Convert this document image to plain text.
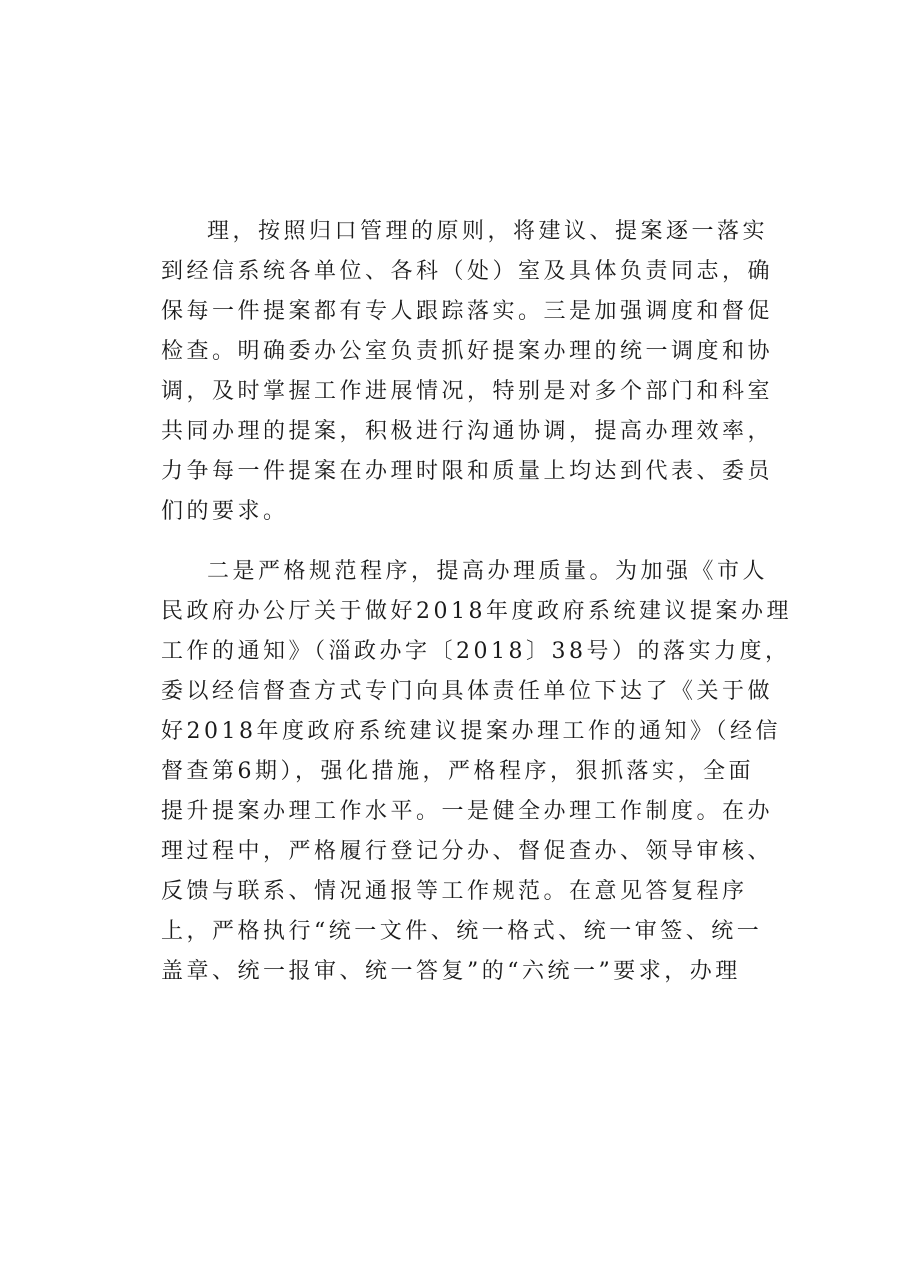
理，按照归口管理的原则，将建议、提案逐一落实
到经信系统各单位、各科（处）室及具体负责同志，确
保每一件提案都有专人跟踪落实。三是加强调度和督促
检查。明确委办公室负责抓好提案办理的统一调度和协
调，及时掌握工作进展情况，特别是对多个部门和科室
共同办理的提案，积极进行沟通协调，提高办理效率，
力争每一件提案在办理时限和质量上均达到代表、委员
们的要求。
二是严格规范程序，提高办理质量。为加强《市人
民政府办公厅关于做好2018年度政府系统建议提案办理
工作的通知》（淄政办字〔2018〕38号）的落实力度，
委以经信督查方式专门向具体责任单位下达了《关于做
好2018年度政府系统建议提案办理工作的通知》（经信
督查第6期），强化措施，严格程序，狠抓落实，全面
提升提案办理工作水平。一是健全办理工作制度。在办
理过程中，严格履行登记分办、督促查办、领导审核、
反馈与联系、情况通报等工作规范。在意见答复程序
上，严格执行“统一文件、统一格式、统一审签、统一
盖章、统一报审、统一答复”的“六统一”要求，办理
